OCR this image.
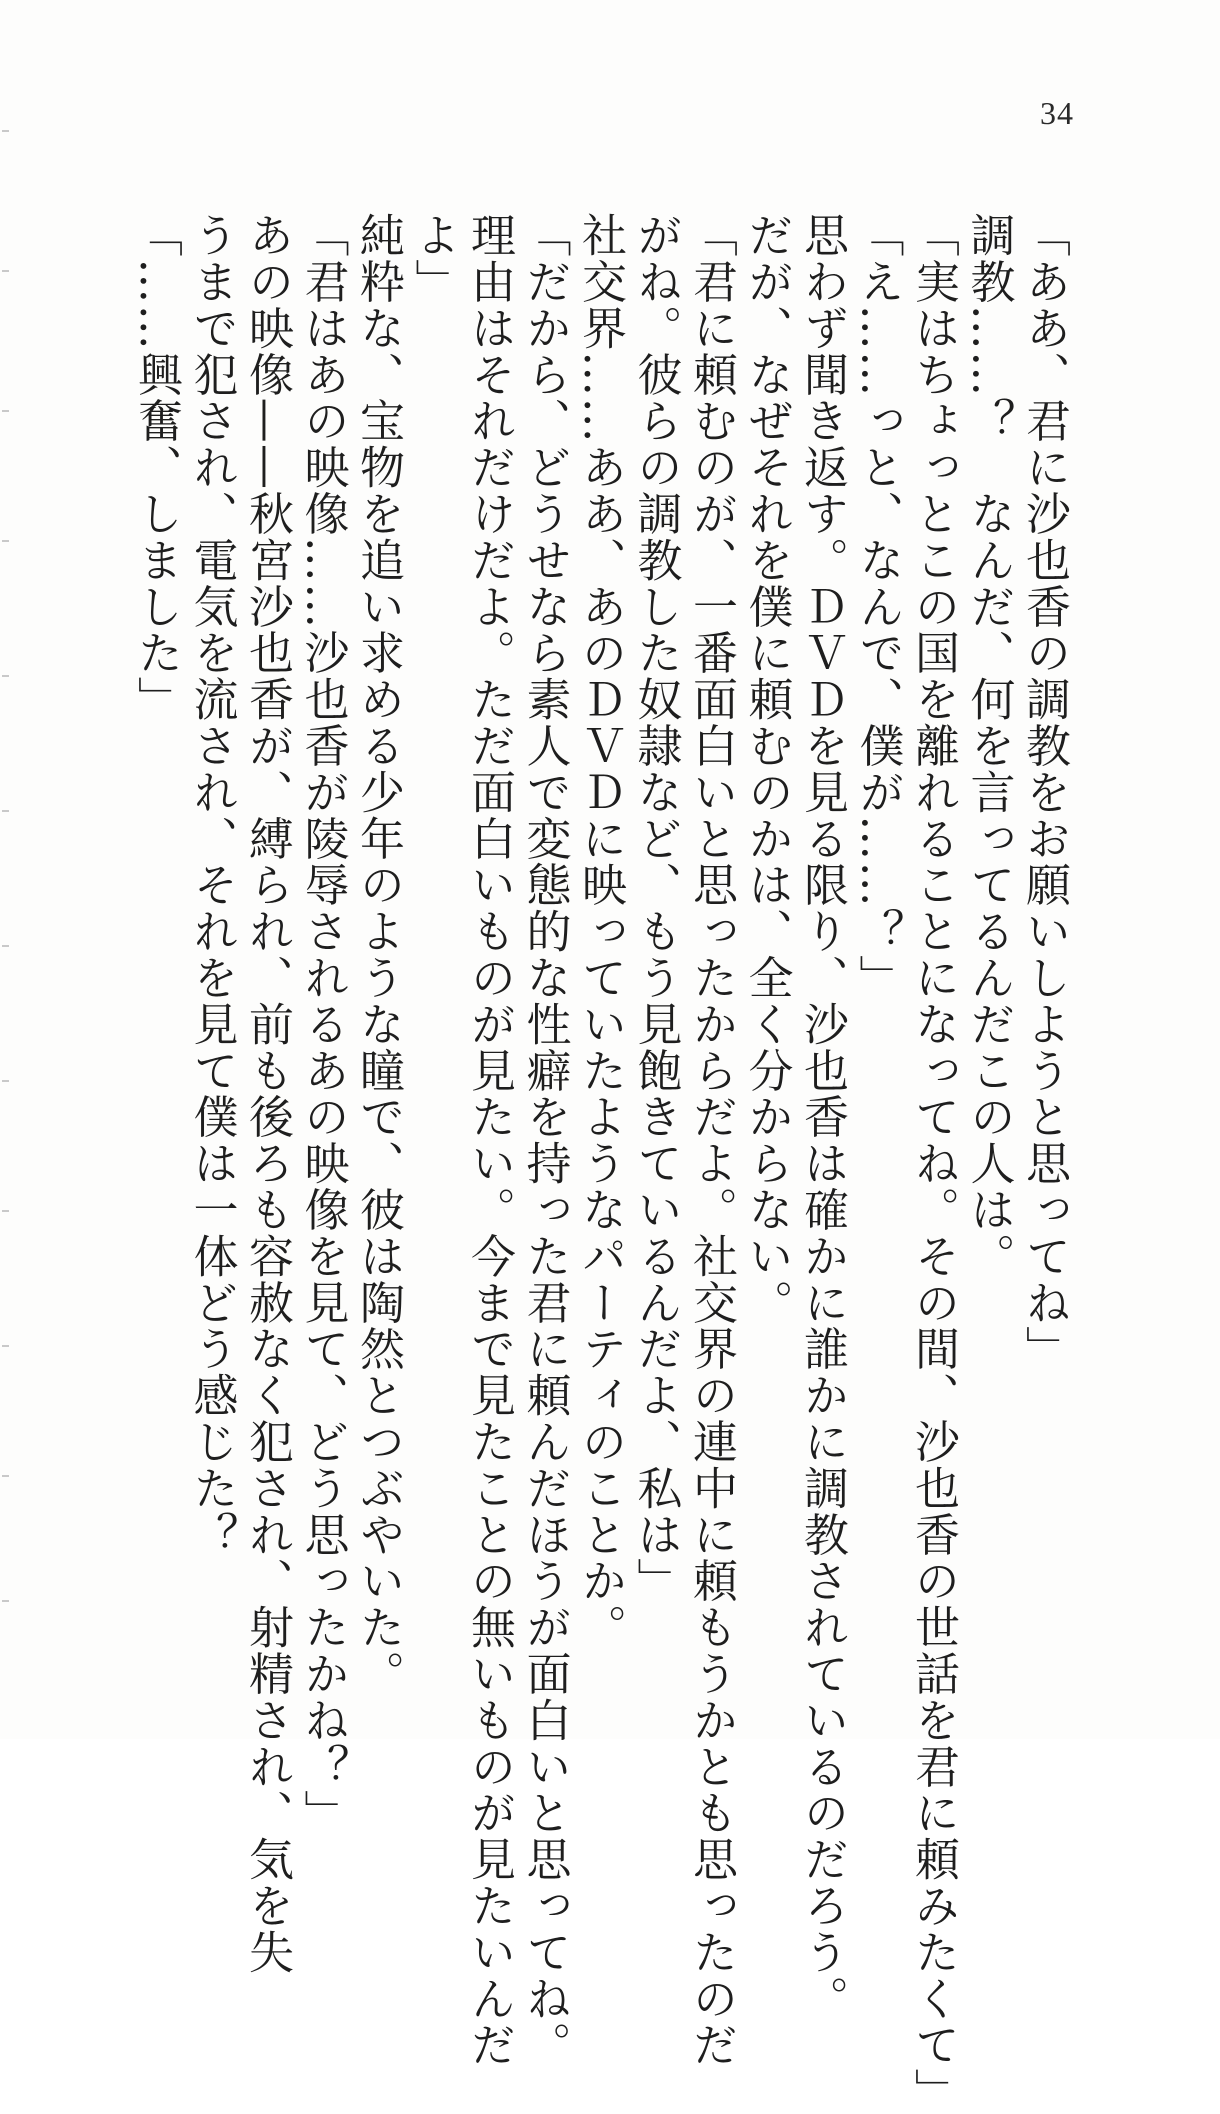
34
「ああ、君に沙也香の調教をお願いしようと思ってね」
調教……？　なんだ、何を言ってるんだこの人は。
「実はちょっとこの国を離れることになってね。その間、沙也香の世話を君に頼みたくて」
「え……っと、なんで、僕が……？」
思わず聞き返す。ＤＶＤを見る限り、沙也香は確かに誰かに調教されているのだろう。
だが、なぜそれを僕に頼むのかは、全く分からない。
「君に頼むのが、一番面白いと思ったからだよ。社交界の連中に頼もうかとも思ったのだ
がね。彼らの調教した奴隷など、もう見飽きているんだよ、私は」
社交界……ああ、あのＤＶＤに映っていたようなパーティのことか。
「だから、どうせなら素人で変態的な性癖を持った君に頼んだほうが面白いと思ってね。
理由はそれだけだよ。ただ面白いものが見たい。今まで見たことの無いものが見たいんだ
よ」
純粋な、宝物を追い求める少年のような瞳で、彼は陶然とつぶやいた。
「君はあの映像……沙也香が陵辱されるあの映像を見て、どう思ったかね？」
あの映像——秋宮沙也香が、縛られ、前も後ろも容赦なく犯され、射精され、気を失
うまで犯され、電気を流され、それを見て僕は一体どう感じた？
「……興奮、しました」
